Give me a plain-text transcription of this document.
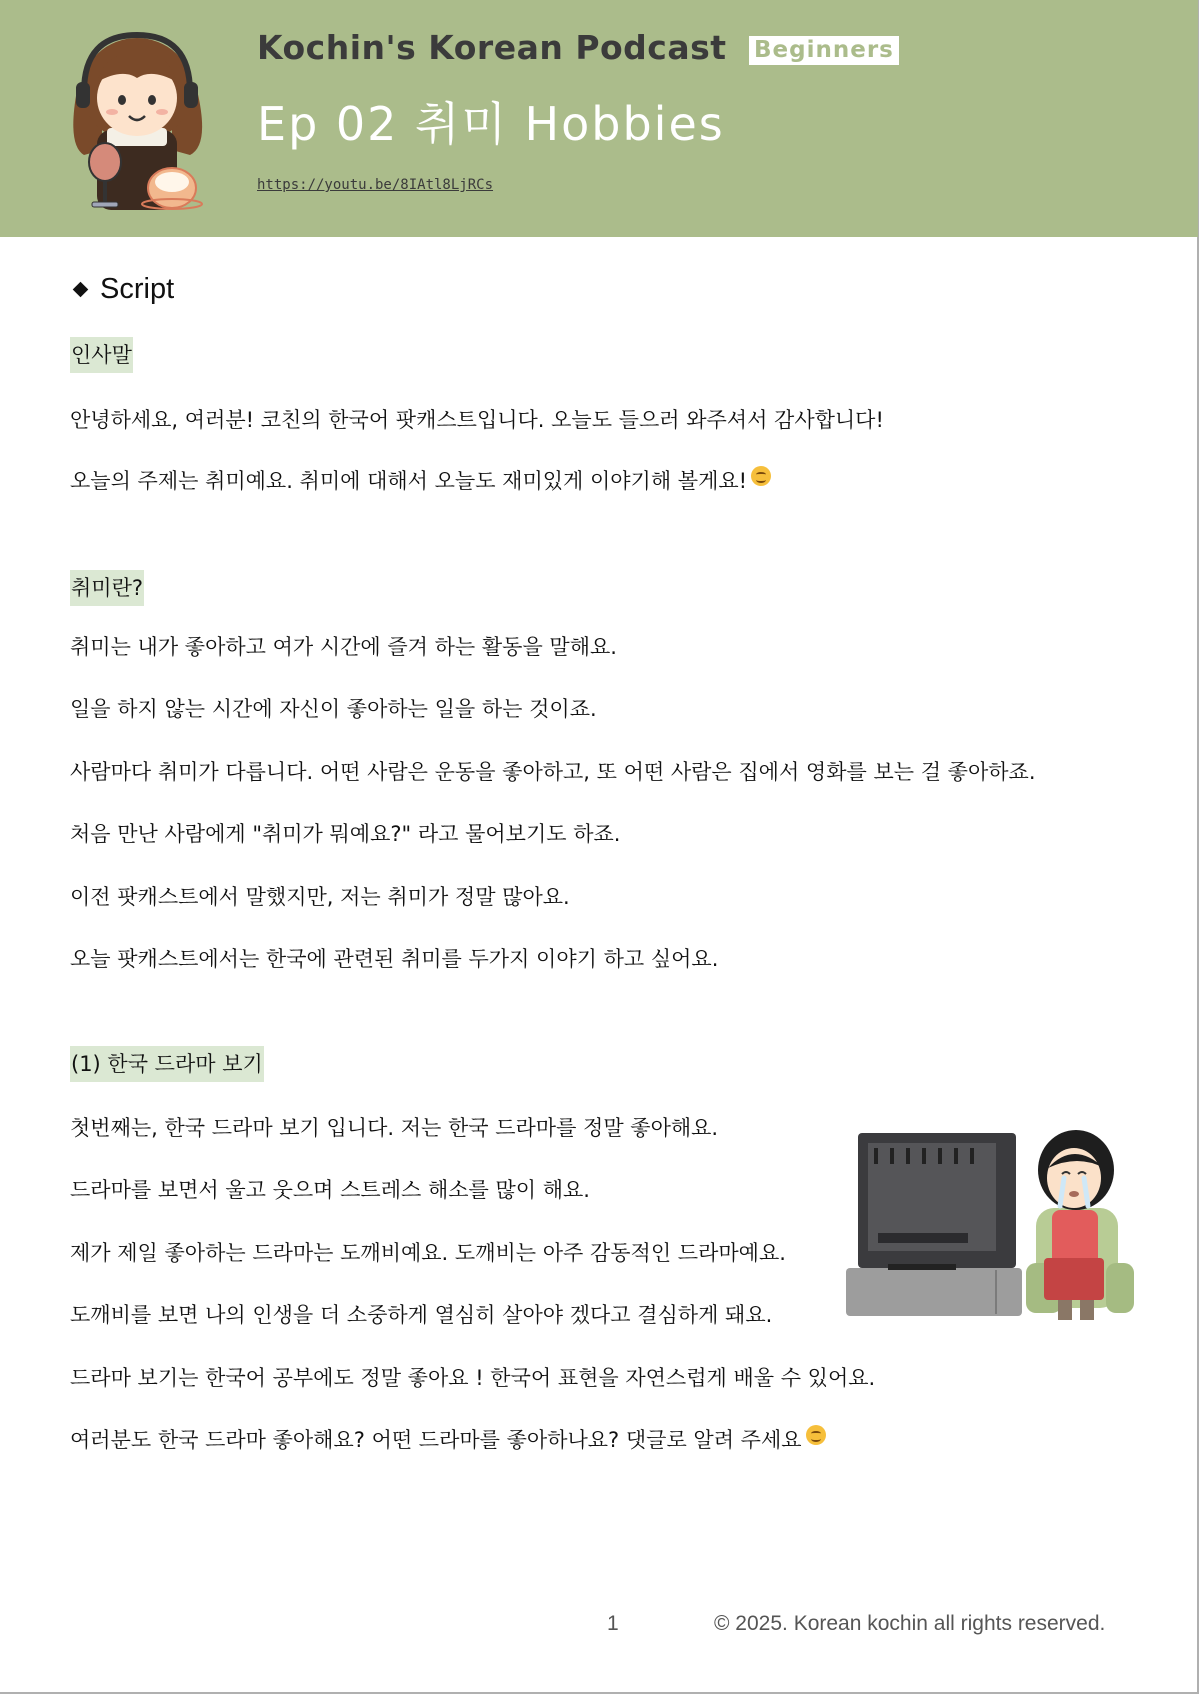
Kochin's Korean Podcast Beginners
Ep 02 취미 Hobbies
https://youtu.be/8IAtl8LjRCs
Script
인사말
안녕하세요, 여러분! 코친의 한국어 팟캐스트입니다. 오늘도 들으러 와주셔서 감사합니다!
오늘의 주제는 취미예요. 취미에 대해서 오늘도 재미있게 이야기해 볼게요!
취미란?
취미는 내가 좋아하고 여가 시간에 즐겨 하는 활동을 말해요.
일을 하지 않는 시간에 자신이 좋아하는 일을 하는 것이죠.
사람마다 취미가 다릅니다. 어떤 사람은 운동을 좋아하고, 또 어떤 사람은 집에서 영화를 보는 걸 좋아하죠.
처음 만난 사람에게 "취미가 뭐예요?" 라고 물어보기도 하죠.
이전 팟캐스트에서 말했지만, 저는 취미가 정말 많아요.
오늘 팟캐스트에서는 한국에 관련된 취미를 두가지 이야기 하고 싶어요.
(1) 한국 드라마 보기
첫번째는, 한국 드라마 보기 입니다. 저는 한국 드라마를 정말 좋아해요.
드라마를 보면서 울고 웃으며 스트레스 해소를 많이 해요.
제가 제일 좋아하는 드라마는 도깨비예요. 도깨비는 아주 감동적인 드라마예요.
도깨비를 보면 나의 인생을 더 소중하게 열심히 살아야 겠다고 결심하게 돼요.
드라마 보기는 한국어 공부에도 정말 좋아요 ! 한국어 표현을 자연스럽게 배울 수 있어요.
여러분도 한국 드라마 좋아해요? 어떤 드라마를 좋아하나요? 댓글로 알려 주세요
1	© 2025. Korean kochin all rights reserved.
